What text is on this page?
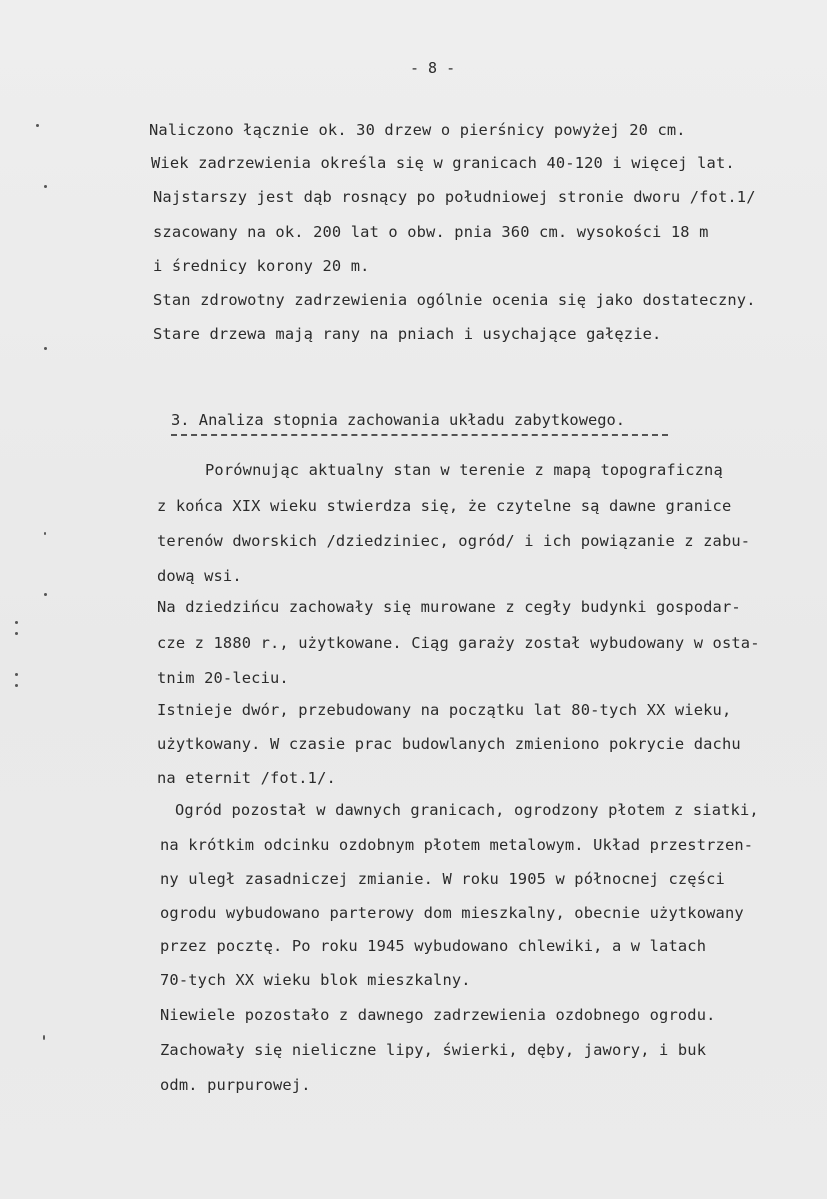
- 8 -
Naliczono łącznie ok. 30 drzew o pierśnicy powyżej 20 cm.
Wiek zadrzewienia określa się w granicach 40-120 i więcej lat.
Najstarszy jest dąb rosnący po południowej stronie dworu /fot.1/
szacowany na ok. 200 lat o obw. pnia 360 cm. wysokości 18 m
i średnicy korony 20 m.
Stan zdrowotny zadrzewienia ogólnie ocenia się jako dostateczny.
Stare drzewa mają rany na pniach i usychające gałęzie.
3. Analiza stopnia zachowania układu zabytkowego.
Porównując aktualny stan w terenie z mapą topograficzną
z końca XIX wieku stwierdza się, że czytelne są dawne granice
terenów dworskich /dziedziniec, ogród/ i ich powiązanie z zabu-
dową wsi.
Na dziedzińcu zachowały się murowane z cegły budynki gospodar-
cze z 1880 r., użytkowane. Ciąg garaży został wybudowany w osta-
tnim 20-leciu.
Istnieje dwór, przebudowany na początku lat 80-tych XX wieku,
użytkowany. W czasie prac budowlanych zmieniono pokrycie dachu
na eternit /fot.1/.
Ogród pozostał w dawnych granicach, ogrodzony płotem z siatki,
na krótkim odcinku ozdobnym płotem metalowym. Układ przestrzen-
ny uległ zasadniczej zmianie. W roku 1905 w północnej części
ogrodu wybudowano parterowy dom mieszkalny, obecnie użytkowany
przez pocztę. Po roku 1945 wybudowano chlewiki, a w latach
70-tych XX wieku blok mieszkalny.
Niewiele pozostało z dawnego zadrzewienia ozdobnego ogrodu.
Zachowały się nieliczne lipy, świerki, dęby, jawory, i buk
odm. purpurowej.
